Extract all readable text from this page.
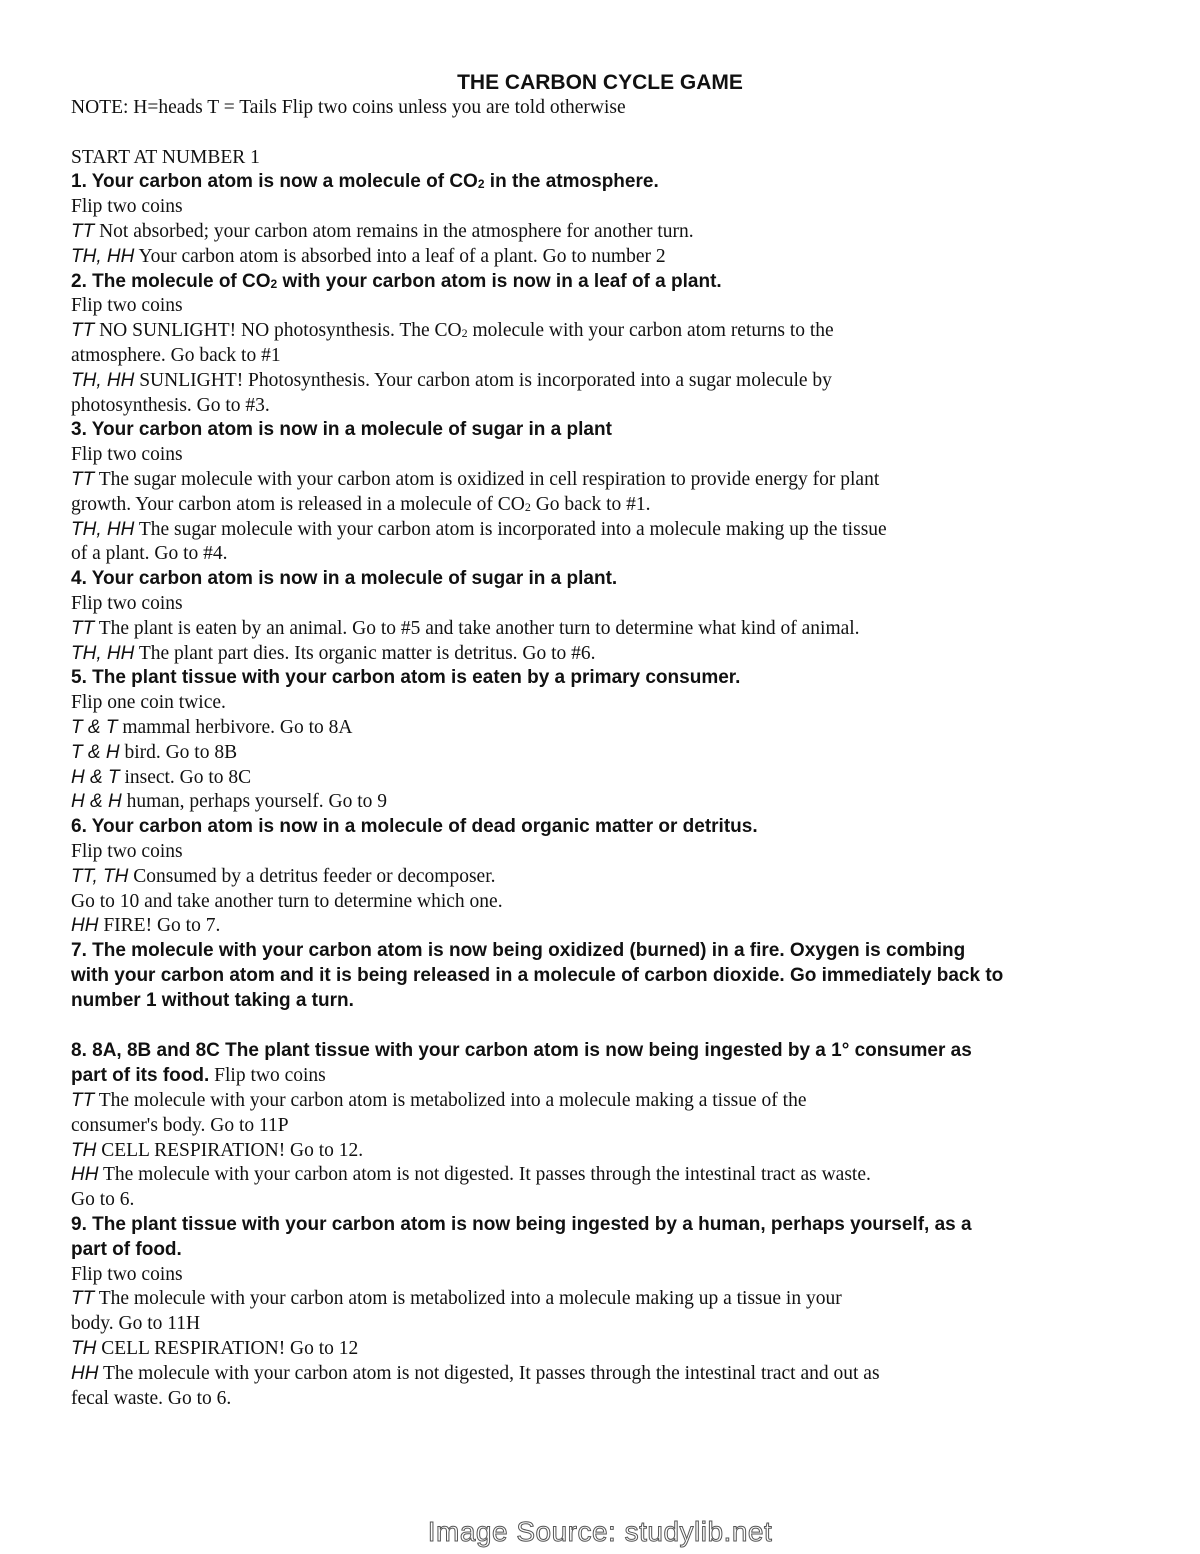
THE CARBON CYCLE GAME
NOTE: H=heads T = Tails Flip two coins unless you are told otherwise
START AT NUMBER 1
1. Your carbon atom is now a molecule of $CO_2$ in the atmosphere.
Flip two coins
TT Not absorbed; your carbon atom remains in the atmosphere for another turn.
TH, HH Your carbon atom is absorbed into a leaf of a plant. Go to number 2
2. The molecule of $CO_2$ with your carbon atom is now in a leaf of a plant.
Flip two coins
TT NO SUNLIGHT! NO photosynthesis. The $CO_2$ molecule with your carbon atom returns to the
atmosphere. Go back to #1
TH, HH SUNLIGHT! Photosynthesis. Your carbon atom is incorporated into a sugar molecule by
photosynthesis. Go to #3.
3. Your carbon atom is now in a molecule of sugar in a plant
Flip two coins
TT The sugar molecule with your carbon atom is oxidized in cell respiration to provide energy for plant
growth. Your carbon atom is released in a molecule of $CO_2$ Go back to #1.
TH, HH The sugar molecule with your carbon atom is incorporated into a molecule making up the tissue
of a plant. Go to #4.
4. Your carbon atom is now in a molecule of sugar in a plant.
Flip two coins
TT The plant is eaten by an animal. Go to #5 and take another turn to determine what kind of animal.
TH, HH The plant part dies. Its organic matter is detritus. Go to #6.
5. The plant tissue with your carbon atom is eaten by a primary consumer.
Flip one coin twice.
T & T mammal herbivore. Go to 8A
T & H bird. Go to 8B
H & T insect. Go to 8C
H & H human, perhaps yourself. Go to 9
6. Your carbon atom is now in a molecule of dead organic matter or detritus.
Flip two coins
TT, TH Consumed by a detritus feeder or decomposer.
Go to 10 and take another turn to determine which one.
HH FIRE! Go to 7.
7. The molecule with your carbon atom is now being oxidized (burned) in a fire. Oxygen is combing
with your carbon atom and it is being released in a molecule of carbon dioxide. Go immediately back to
number 1 without taking a turn.
8. 8A, 8B and 8C The plant tissue with your carbon atom is now being ingested by a 1° consumer as
part of its food. Flip two coins
TT The molecule with your carbon atom is metabolized into a molecule making a tissue of the
consumer's body. Go to 11P
TH CELL RESPIRATION! Go to 12.
HH The molecule with your carbon atom is not digested. It passes through the intestinal tract as waste.
Go to 6.
9. The plant tissue with your carbon atom is now being ingested by a human, perhaps yourself, as a
part of food.
Flip two coins
TT The molecule with your carbon atom is metabolized into a molecule making up a tissue in your
body. Go to 11H
TH CELL RESPIRATION! Go to 12
HH The molecule with your carbon atom is not digested, It passes through the intestinal tract and out as
fecal waste. Go to 6.
Image Source: studylib.net
